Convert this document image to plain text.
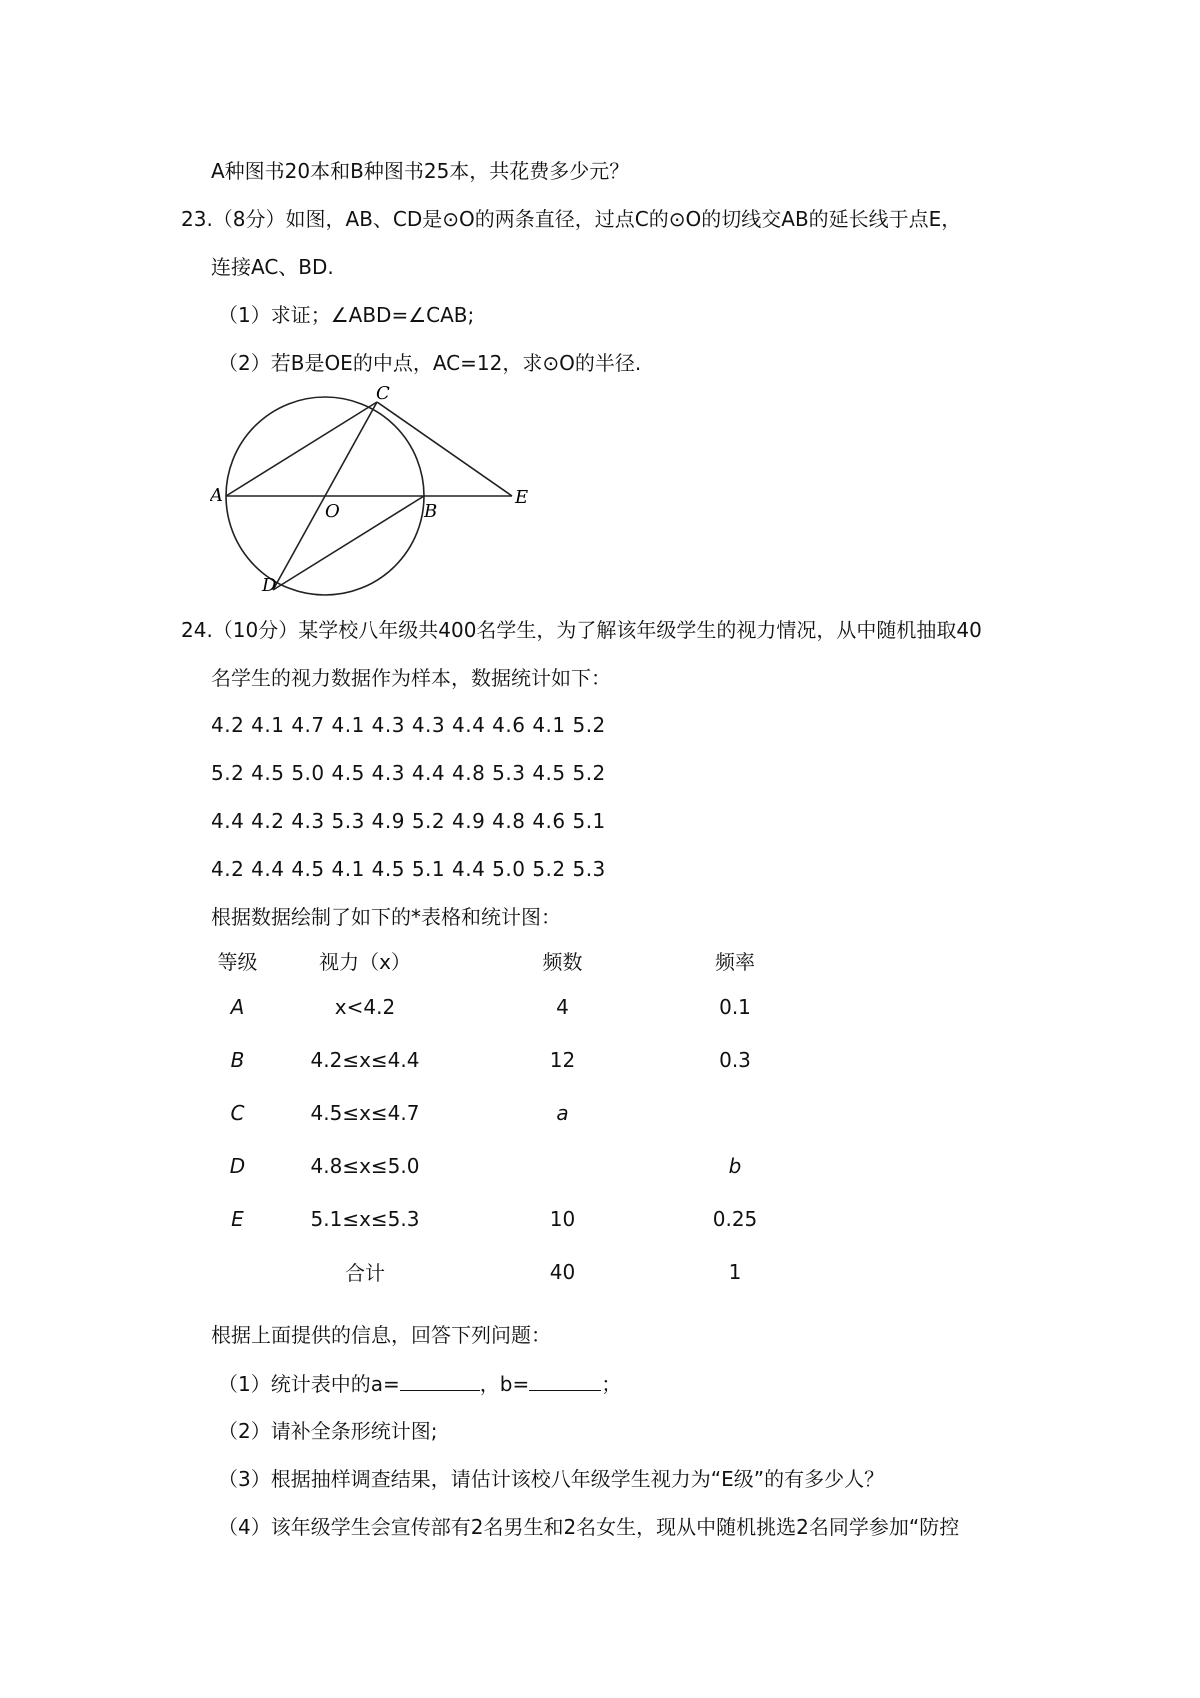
A种图书20本和B种图书25本，共花费多少元？
23.（8分）如图，AB、CD是⊙O的两条直径，过点C的⊙O的切线交AB的延长线于点E，
连接AC、BD.
（1）求证；∠ABD=∠CAB;
（2）若B是OE的中点，AC=12，求⊙O的半径.
A
C
O	B
E
D
24.（10分）某学校八年级共400名学生，为了解该年级学生的视力情况，从中随机抽取40
名学生的视力数据作为样本，数据统计如下：
4.2 4.1 4.7 4.1 4.3 4.3 4.4 4.6 4.1 5.2
5.2 4.5 5.0 4.5 4.3 4.4 4.8 5.3 4.5 5.2
4.4 4.2 4.3 5.3 4.9 5.2 4.9 4.8 4.6 5.1
4.2 4.4 4.5 4.1 4.5 5.1 4.4 5.0 5.2 5.3
根据数据绘制了如下的*表格和统计图：
等级	视力（x）	频数	频率
A	x<4.2	4	0.1
B	4.2≤x≤4.4	12	0.3
C	4.5≤x≤4.7	a	
D	4.8≤x≤5.0		b
E	5.1≤x≤5.3	10	0.25
	合计	40	1
根据上面提供的信息，回答下列问题：
（1）统计表中的a=	，b=	；
（2）请补全条形统计图;
（3）根据抽样调查结果，请估计该校八年级学生视力为“E级”的有多少人？
（4）该年级学生会宣传部有2名男生和2名女生，现从中随机挑选2名同学参加“防控
